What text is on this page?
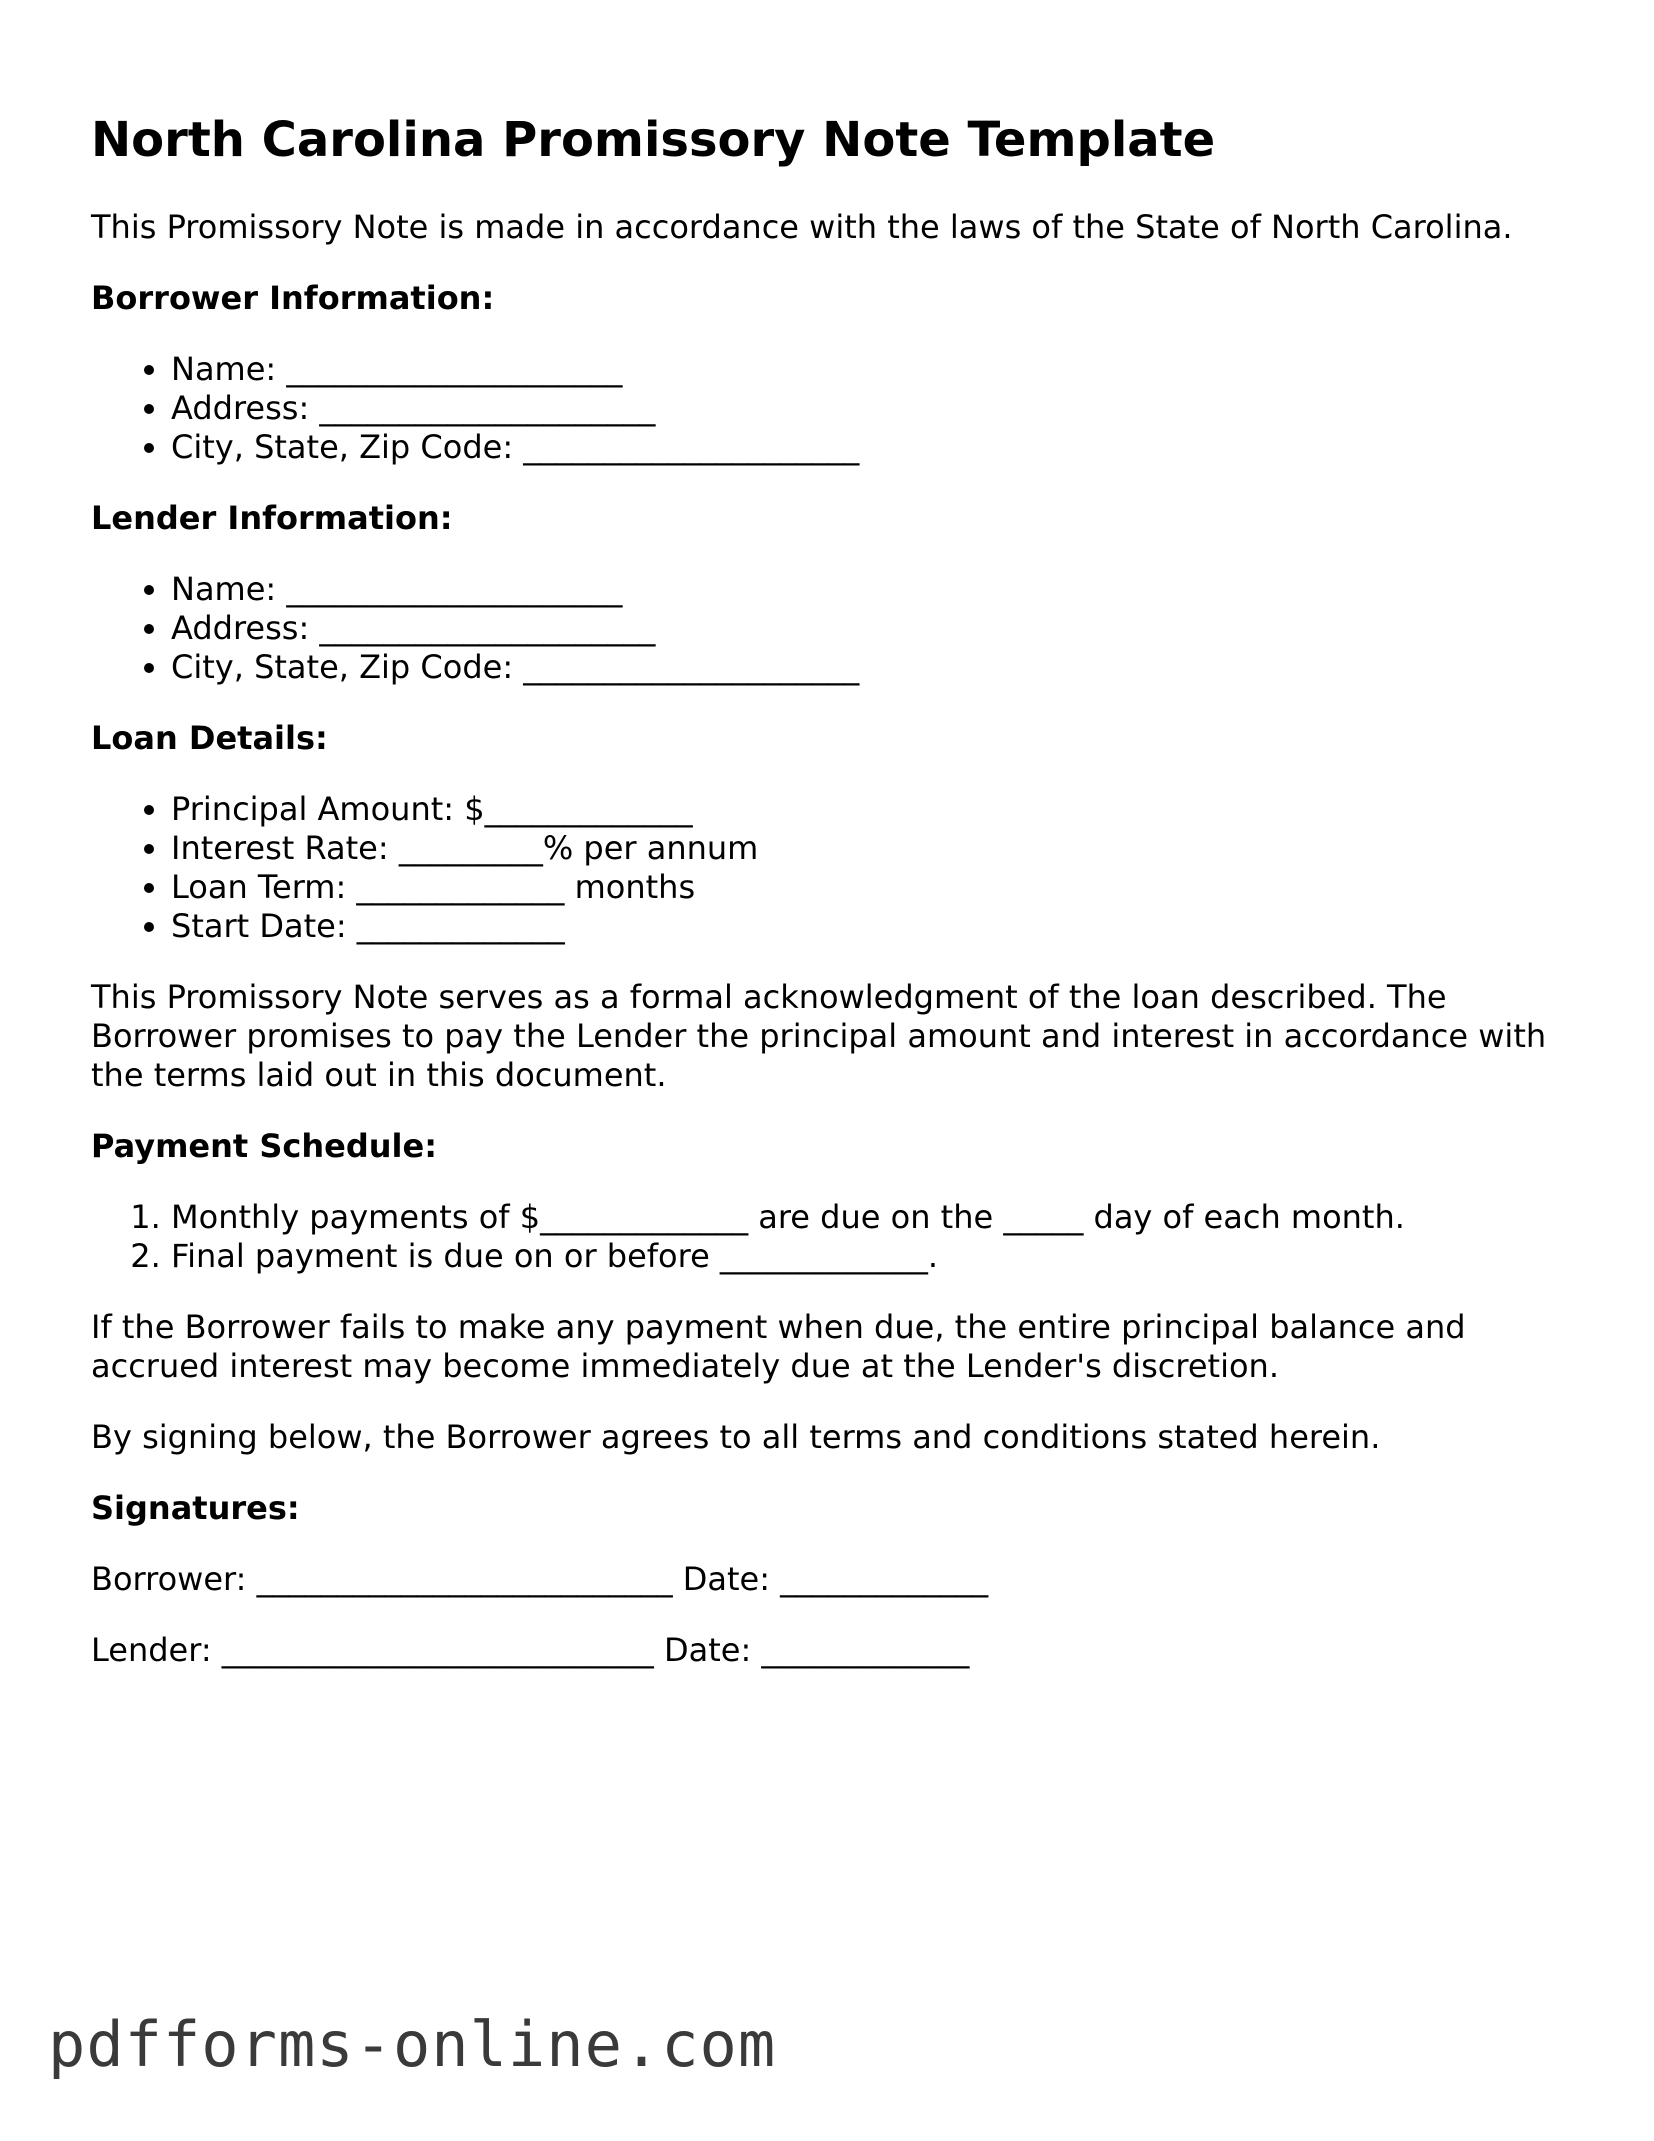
North Carolina Promissory Note Template

This Promissory Note is made in accordance with the laws of the State of North Carolina.

Borrower Information:
• Name: _____________________
• Address: _____________________
• City, State, Zip Code: _____________________
Lender Information:
• Name: _____________________
• Address: _____________________
• City, State, Zip Code: _____________________
Loan Details:
• Principal Amount: $_____________
• Interest Rate: _________% per annum
• Loan Term: _____________ months
• Start Date: _____________

This Promissory Note serves as a formal acknowledgment of the loan described. The Borrower promises to pay the Lender the principal amount and interest in accordance with the terms laid out in this document.

Payment Schedule:
1. Monthly payments of $_____________ are due on the _____ day of each month.
2. Final payment is due on or before _____________.

If the Borrower fails to make any payment when due, the entire principal balance and accrued interest may become immediately due at the Lender's discretion.

By signing below, the Borrower agrees to all terms and conditions stated herein.

Signatures:
Borrower: __________________________ Date: _____________
Lender: ___________________________ Date: _____________
pdfforms-online.com
